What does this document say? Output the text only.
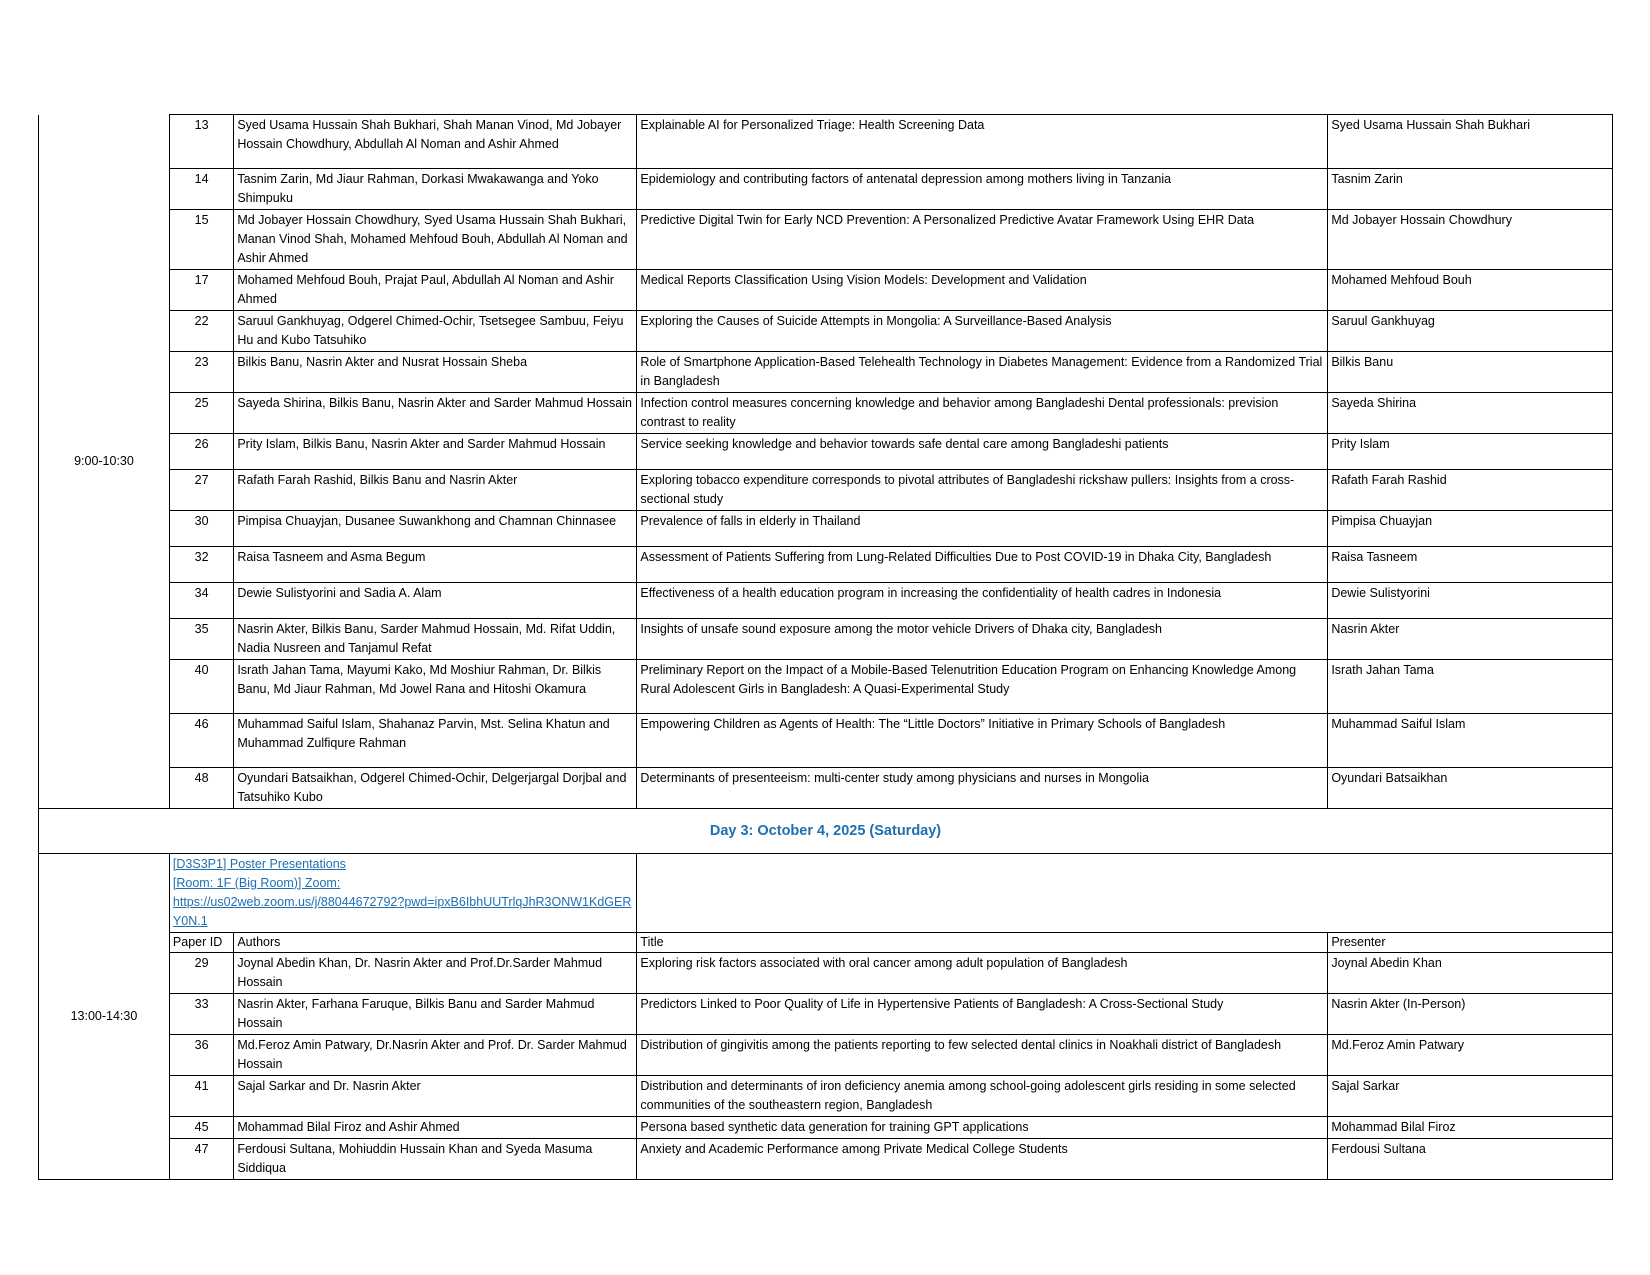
9:00-10:30	13	Syed Usama Hussain Shah Bukhari, Shah Manan Vinod, Md Jobayer Hossain Chowdhury, Abdullah Al Noman and Ashir Ahmed	Explainable AI for Personalized Triage: Health Screening Data	Syed Usama Hussain Shah Bukhari
	14	Tasnim Zarin, Md Jiaur Rahman, Dorkasi Mwakawanga and Yoko Shimpuku	Epidemiology and contributing factors of antenatal depression among mothers living in Tanzania	Tasnim Zarin
	15	Md Jobayer Hossain Chowdhury, Syed Usama Hussain Shah Bukhari, Manan Vinod Shah, Mohamed Mehfoud Bouh, Abdullah Al Noman and Ashir Ahmed	Predictive Digital Twin for Early NCD Prevention: A Personalized Predictive Avatar Framework Using EHR Data	Md Jobayer Hossain Chowdhury
	17	Mohamed Mehfoud Bouh, Prajat Paul, Abdullah Al Noman and Ashir Ahmed	Medical Reports Classification Using Vision Models: Development and Validation	Mohamed Mehfoud Bouh
	22	Saruul Gankhuyag, Odgerel Chimed-Ochir, Tsetsegee Sambuu, Feiyu Hu and Kubo Tatsuhiko	Exploring the Causes of Suicide Attempts in Mongolia: A Surveillance-Based Analysis	Saruul Gankhuyag
	23	Bilkis Banu, Nasrin Akter and Nusrat Hossain Sheba	Role of Smartphone Application-Based Telehealth Technology in Diabetes Management: Evidence from a Randomized Trial in Bangladesh	Bilkis Banu
	25	Sayeda Shirina, Bilkis Banu, Nasrin Akter and Sarder Mahmud Hossain	Infection control measures concerning knowledge and behavior among Bangladeshi Dental professionals: prevision contrast to reality	Sayeda Shirina
	26	Prity Islam, Bilkis Banu, Nasrin Akter and Sarder Mahmud Hossain	Service seeking knowledge and behavior towards safe dental care among Bangladeshi patients	Prity Islam
	27	Rafath Farah Rashid, Bilkis Banu and Nasrin Akter	Exploring tobacco expenditure corresponds to pivotal attributes of Bangladeshi rickshaw pullers: Insights from a cross-sectional study	Rafath Farah Rashid
	30	Pimpisa Chuayjan, Dusanee Suwankhong and Chamnan Chinnasee	Prevalence of falls in elderly in Thailand	Pimpisa Chuayjan
	32	Raisa Tasneem and Asma Begum	Assessment of Patients Suffering from Lung-Related Difficulties Due to Post COVID-19 in Dhaka City, Bangladesh	Raisa Tasneem
	34	Dewie Sulistyorini and Sadia A. Alam	Effectiveness of a health education program in increasing the confidentiality of health cadres in Indonesia	Dewie Sulistyorini
	35	Nasrin Akter, Bilkis Banu, Sarder Mahmud Hossain, Md. Rifat Uddin, Nadia Nusreen and Tanjamul Refat	Insights of unsafe sound exposure among the motor vehicle Drivers of Dhaka city, Bangladesh	Nasrin Akter
	40	Israth Jahan Tama, Mayumi Kako, Md Moshiur Rahman, Dr. Bilkis Banu, Md Jiaur Rahman, Md Jowel Rana and Hitoshi Okamura	Preliminary Report on the Impact of a Mobile-Based Telenutrition Education Program on Enhancing Knowledge Among Rural Adolescent Girls in Bangladesh: A Quasi-Experimental Study	Israth Jahan Tama
	46	Muhammad Saiful Islam, Shahanaz Parvin, Mst. Selina Khatun and Muhammad Zulfiqure Rahman	Empowering Children as Agents of Health: The “Little Doctors” Initiative in Primary Schools of Bangladesh	Muhammad Saiful Islam
	48	Oyundari Batsaikhan, Odgerel Chimed-Ochir, Delgerjargal Dorjbal and Tatsuhiko Kubo	Determinants of presenteeism: multi-center study among physicians and nurses in Mongolia	Oyundari Batsaikhan
Day 3: October 4, 2025 (Saturday)				
13:00-14:30	[D3S3P1] Poster Presentations
[Room: 1F (Big Room)] Zoom:
https://us02web.zoom.us/j/88044672792?pwd=ipxB6IbhUUTrlqJhR3ONW1KdGERY0N.1			

	Paper ID	Authors	Title	Presenter
	29	Joynal Abedin Khan, Dr. Nasrin Akter and Prof.Dr.Sarder Mahmud Hossain	Exploring risk factors associated with oral cancer among adult population of Bangladesh	Joynal Abedin Khan
	33	Nasrin Akter, Farhana Faruque, Bilkis Banu and Sarder Mahmud Hossain	Predictors Linked to Poor Quality of Life in Hypertensive Patients of Bangladesh: A Cross-Sectional Study	Nasrin Akter (In-Person)
	36	Md.Feroz Amin Patwary, Dr.Nasrin Akter and Prof. Dr. Sarder Mahmud Hossain	Distribution of gingivitis among the patients reporting to few selected dental clinics in Noakhali district of Bangladesh	Md.Feroz Amin Patwary
	41	Sajal Sarkar and Dr. Nasrin Akter	Distribution and determinants of iron deficiency anemia among school-going adolescent girls residing in some selected communities of the southeastern region, Bangladesh	Sajal Sarkar
	45	Mohammad Bilal Firoz and Ashir Ahmed	Persona based synthetic data generation for training GPT applications	Mohammad Bilal Firoz
	47	Ferdousi Sultana, Mohiuddin Hussain Khan and Syeda Masuma Siddiqua	Anxiety and Academic Performance among Private Medical College Students	Ferdousi Sultana
